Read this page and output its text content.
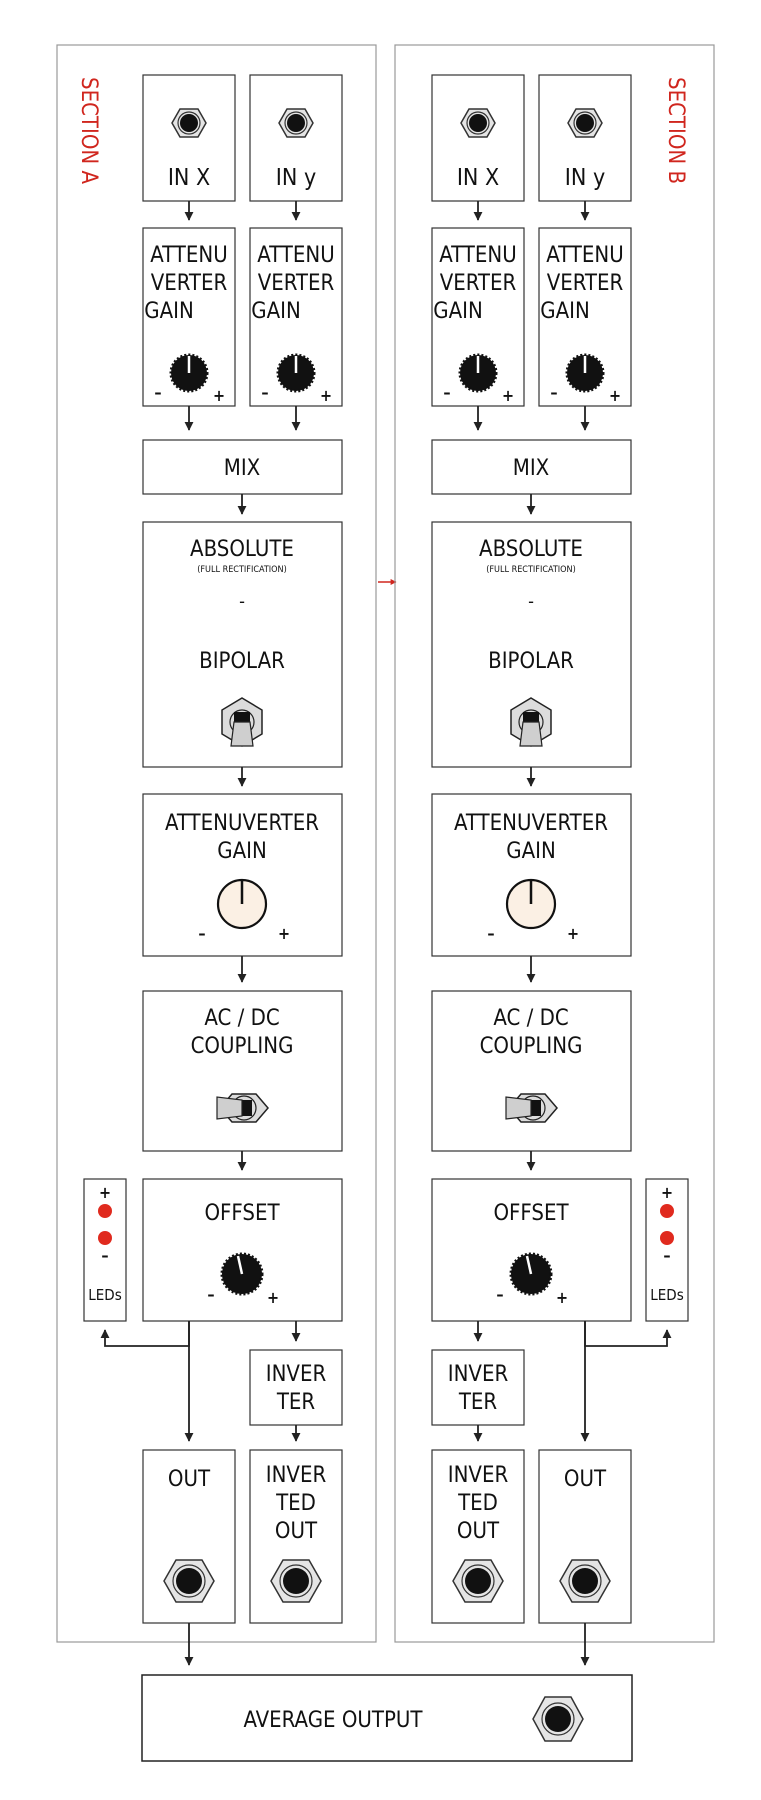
SECTION A	IN X	IN y
ATTENU
VERTER
GAIN
–	+
ATTENU
VERTER
GAIN
–	+
MIX
ABSOLUTE
(FULL RECTIFICATION)
-
BIPOLAR
ATTENUVERTER
GAIN
–	+
AC / DC
COUPLING
OFFSET
–	+
+
–
LEDs
INVER
TER
OUT	INVER
TED
OUT
SECTION B
IN X	IN y
ATTENU
VERTER
GAIN
–	+
ATTENU
VERTER
GAIN
–	+
MIX
ABSOLUTE
(FULL RECTIFICATION)
-
BIPOLAR
ATTENUVERTER
GAIN
–	+
AC / DC
COUPLING
OFFSET
–	+
+
–
LEDs
INVER
TER
INVER
TED
OUT
OUT
AVERAGE OUTPUT
